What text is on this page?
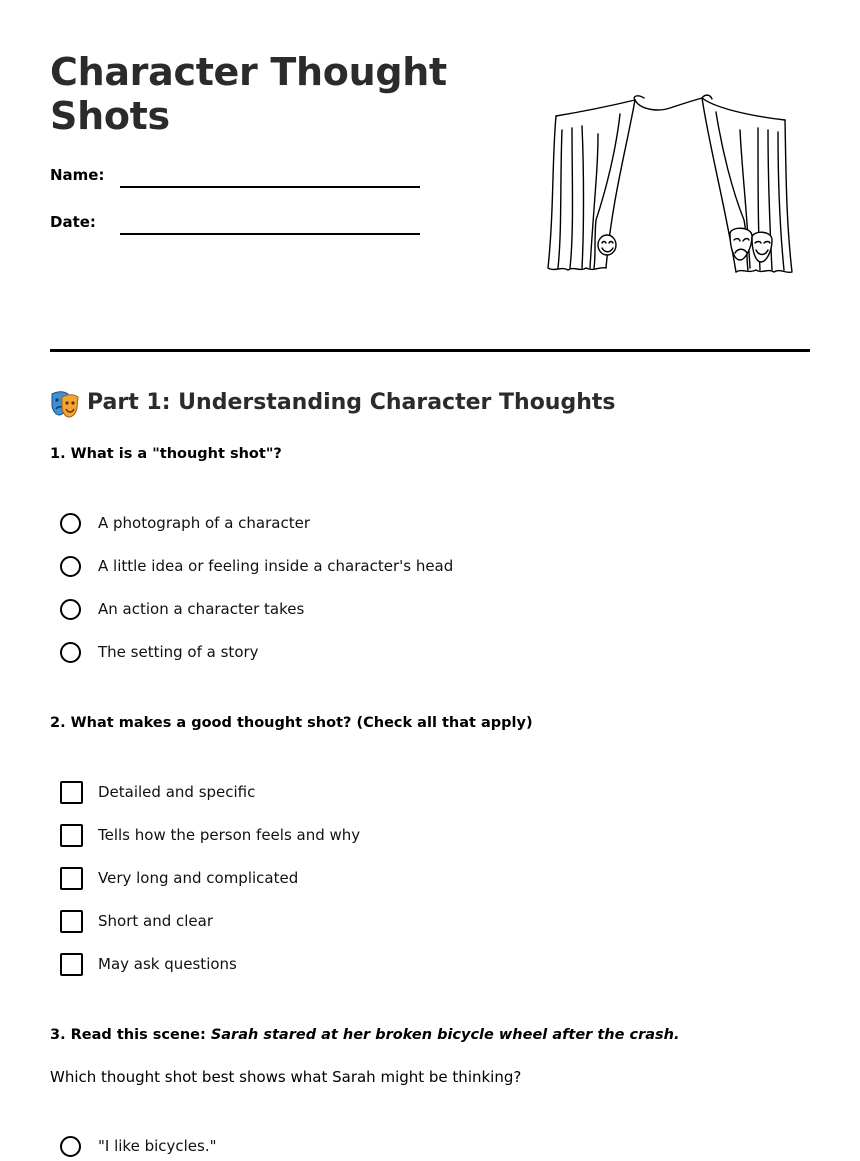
Character Thought Shots
Name:
Date:
Part 1: Understanding Character Thoughts

1. What is a "thought shot"?

A photograph of a character
A little idea or feeling inside a character's head
An action a character takes
The setting of a story

2. What makes a good thought shot? (Check all that apply)

Detailed and specific
Tells how the person feels and why
Very long and complicated
Short and clear
May ask questions

3. Read this scene: Sarah stared at her broken bicycle wheel after the crash.

Which thought shot best shows what Sarah might be thinking?

"I like bicycles."
